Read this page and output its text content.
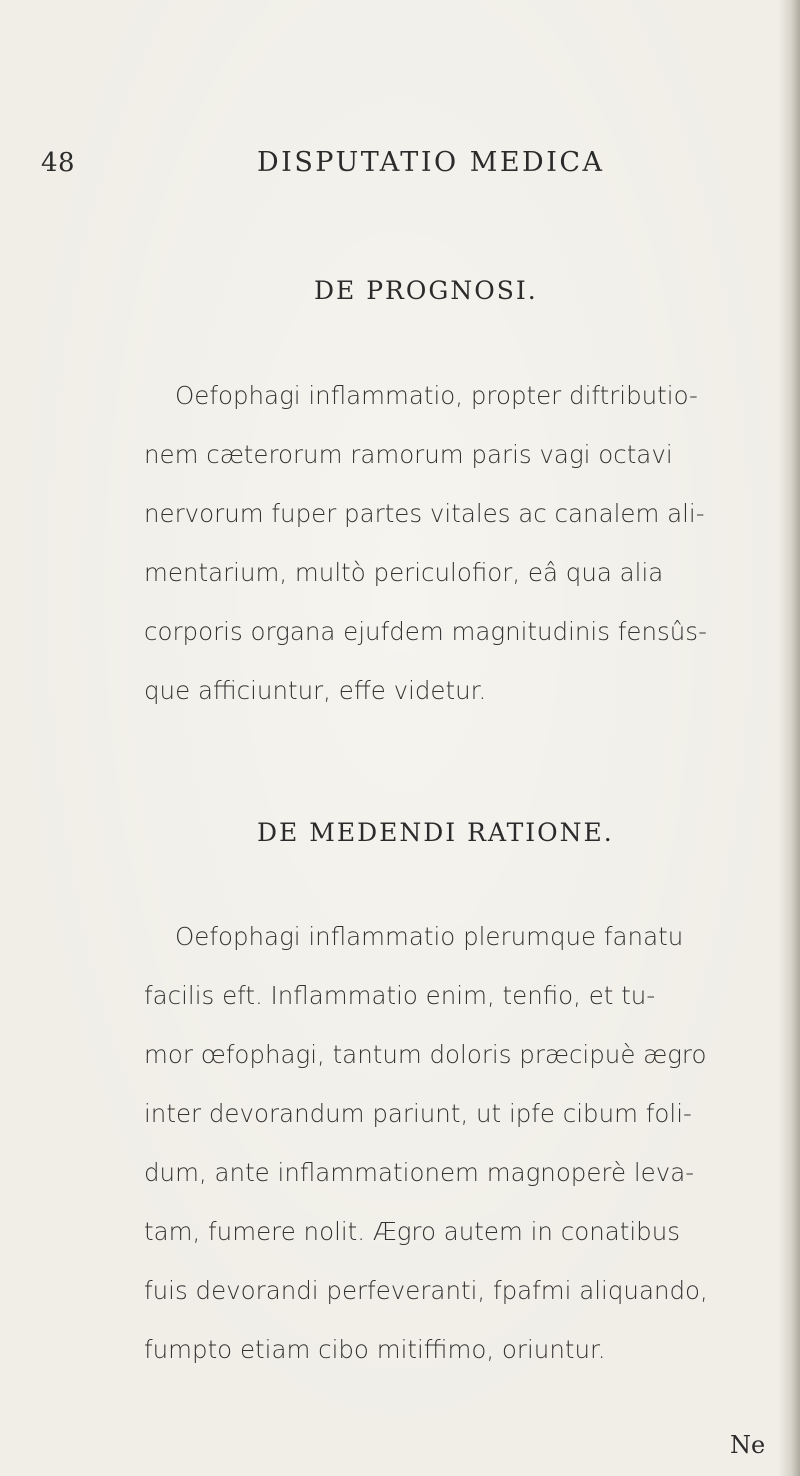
48	DISPUTATIO MEDICA
DE PROGNOSI.
Oefophagi inflammatio, propter diftributio-
nem cæterorum ramorum paris vagi octavi
nervorum fuper partes vitales ac canalem ali-
mentarium, multò periculofior, eâ qua alia
corporis organa ejufdem magnitudinis fensûs-
que afficiuntur, effe videtur.
DE MEDENDI RATIONE.
Oefophagi inflammatio plerumque fanatu
facilis eft. Inflammatio enim, tenfio, et tu-
mor œfophagi, tantum doloris præcipuè ægro
inter devorandum pariunt, ut ipfe cibum foli-
dum, ante inflammationem magnoperè leva-
tam, fumere nolit. Ægro autem in conatibus
fuis devorandi perfeveranti, fpafmi aliquando,
fumpto etiam cibo mitiffimo, oriuntur.
Ne
